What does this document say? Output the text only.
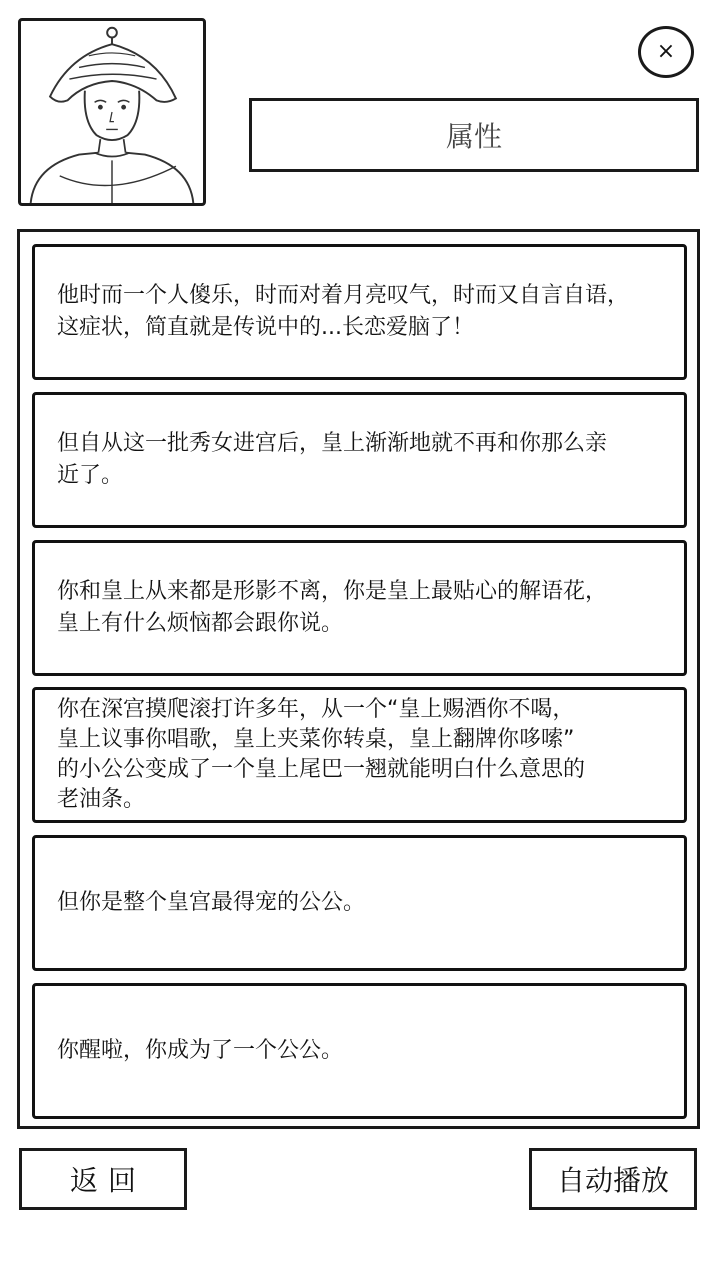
×
属性
他时而一个人傻乐，时而对着月亮叹气，时而又自言自语，
这症状，简直就是传说中的...长恋爱脑了！
但自从这一批秀女进宫后，皇上渐渐地就不再和你那么亲
近了。
你和皇上从来都是形影不离，你是皇上最贴心的解语花，
皇上有什么烦恼都会跟你说。
你在深宫摸爬滚打许多年，从一个“皇上赐酒你不喝，
皇上议事你唱歌，皇上夹菜你转桌，皇上翻牌你哆嗦”
的小公公变成了一个皇上尾巴一翘就能明白什么意思的
老油条。
但你是整个皇宫最得宠的公公。
你醒啦，你成为了一个公公。
返回	自动播放
